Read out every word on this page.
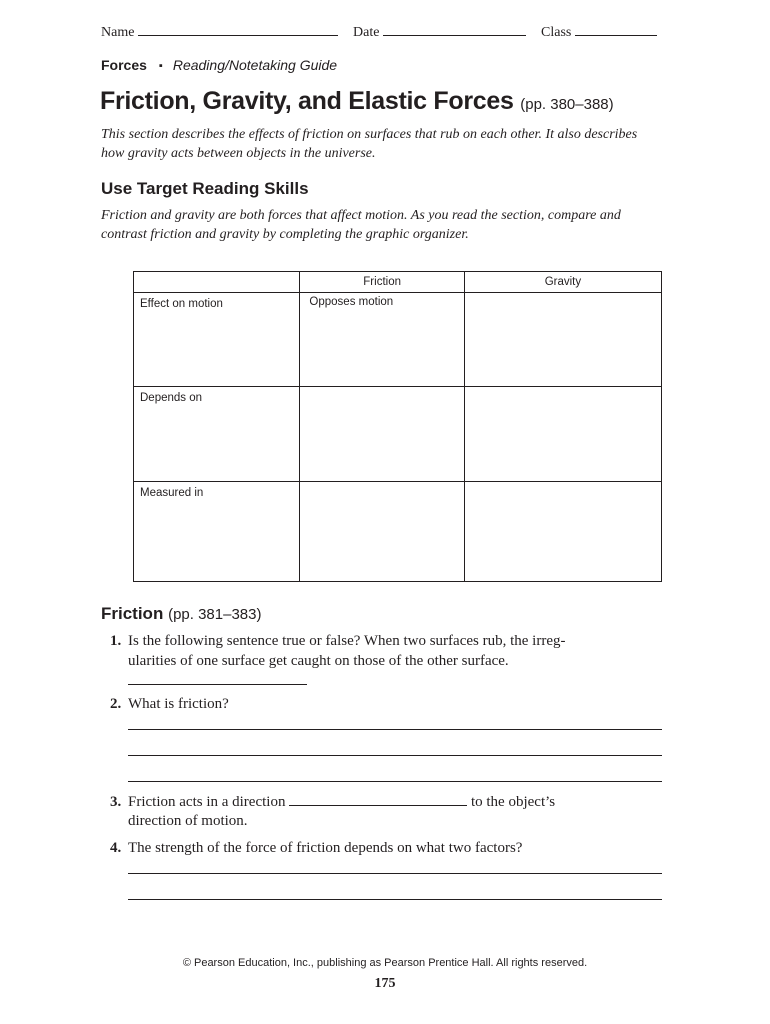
Name	Date	Class
Forces ▪ Reading/Notetaking Guide
Friction, Gravity, and Elastic Forces (pp. 380–388)
This section describes the effects of friction on surfaces that rub on each other. It also describes how gravity acts between objects in the universe.
Use Target Reading Skills
Friction and gravity are both forces that affect motion. As you read the section, compare and contrast friction and gravity by completing the graphic organizer.
	Friction	Gravity
Effect on motion	Opposes motion	
Depends on		
Measured in		
Friction (pp. 381–383)
1. Is the following sentence true or false? When two surfaces rub, the irreg-
ularities of one surface get caught on those of the other surface.
2. What is friction?
3. Friction acts in a direction	to the object’s
direction of motion.
4. The strength of the force of friction depends on what two factors?
© Pearson Education, Inc., publishing as Pearson Prentice Hall. All rights reserved.
175
